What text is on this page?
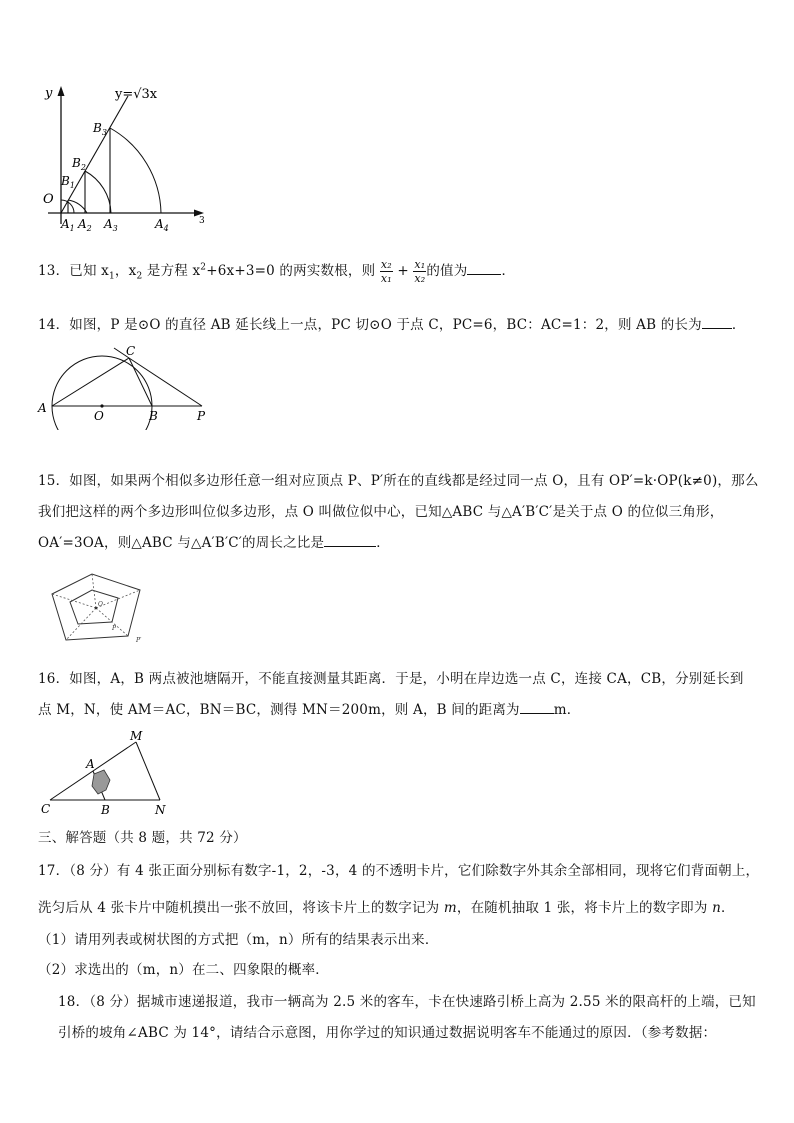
y	y=√3x
O
3
$B_1$
$B_2$
$B_3$
$A_1$ $A_2$ $A_3$	$A_4$
13．已知 $x_1$，$x_2$ 是方程 $x^2+6x+3=0$ 的两实数根，则 $\frac{\text{x₂}}{\text{x₁}} + \frac{\text{x₁}}{\text{x₂}}$ 的值为	．
14．如图，P 是⊙O 的直径 AB 延长线上一点，PC 切⊙O 于点 C，PC=6，BC：AC=1：2，则 AB 的长为 ．
A
O	B	P
C
15．如图，如果两个相似多边形任意一组对应顶点 P、P′所在的直线都是经过同一点 O，且有 OP′=k·OP(k≠0)，那么
我们把这样的两个多边形叫位似多边形，点 O 叫做位似中心，已知△ABC 与△A′B′C′是关于点 O 的位似三角形，
OA′=3OA，则△ABC 与△A′B′C′的周长之比是	．
O
P
P′
16．如图，A，B 两点被池塘隔开，不能直接测量其距离．于是，小明在岸边选一点 C，连接 CA，CB，分别延长到
点 M，N，使 AM＝AC，BN＝BC，测得 MN＝200m，则 A，B 间的距离为	m．
M
A
C	B	N
三、解答题（共 8 题，共 72 分）
17．（8 分）有 4 张正面分别标有数字-1，2，-3，4 的不透明卡片，它们除数字外其余全部相同，现将它们背面朝上，
洗匀后从 4 张卡片中随机摸出一张不放回，将该卡片上的数字记为 m，在随机抽取 1 张，将卡片上的数字即为 n．
（1）请用列表或树状图的方式把（m，n）所有的结果表示出来．
（2）求选出的（m，n）在二、四象限的概率．
18．（8 分）据城市速递报道，我市一辆高为 2.5 米的客车，卡在快速路引桥上高为 2.55 米的限高杆的上端，已知
引桥的坡角∠ABC 为 14°，请结合示意图，用你学过的知识通过数据说明客车不能通过的原因．（参考数据：
